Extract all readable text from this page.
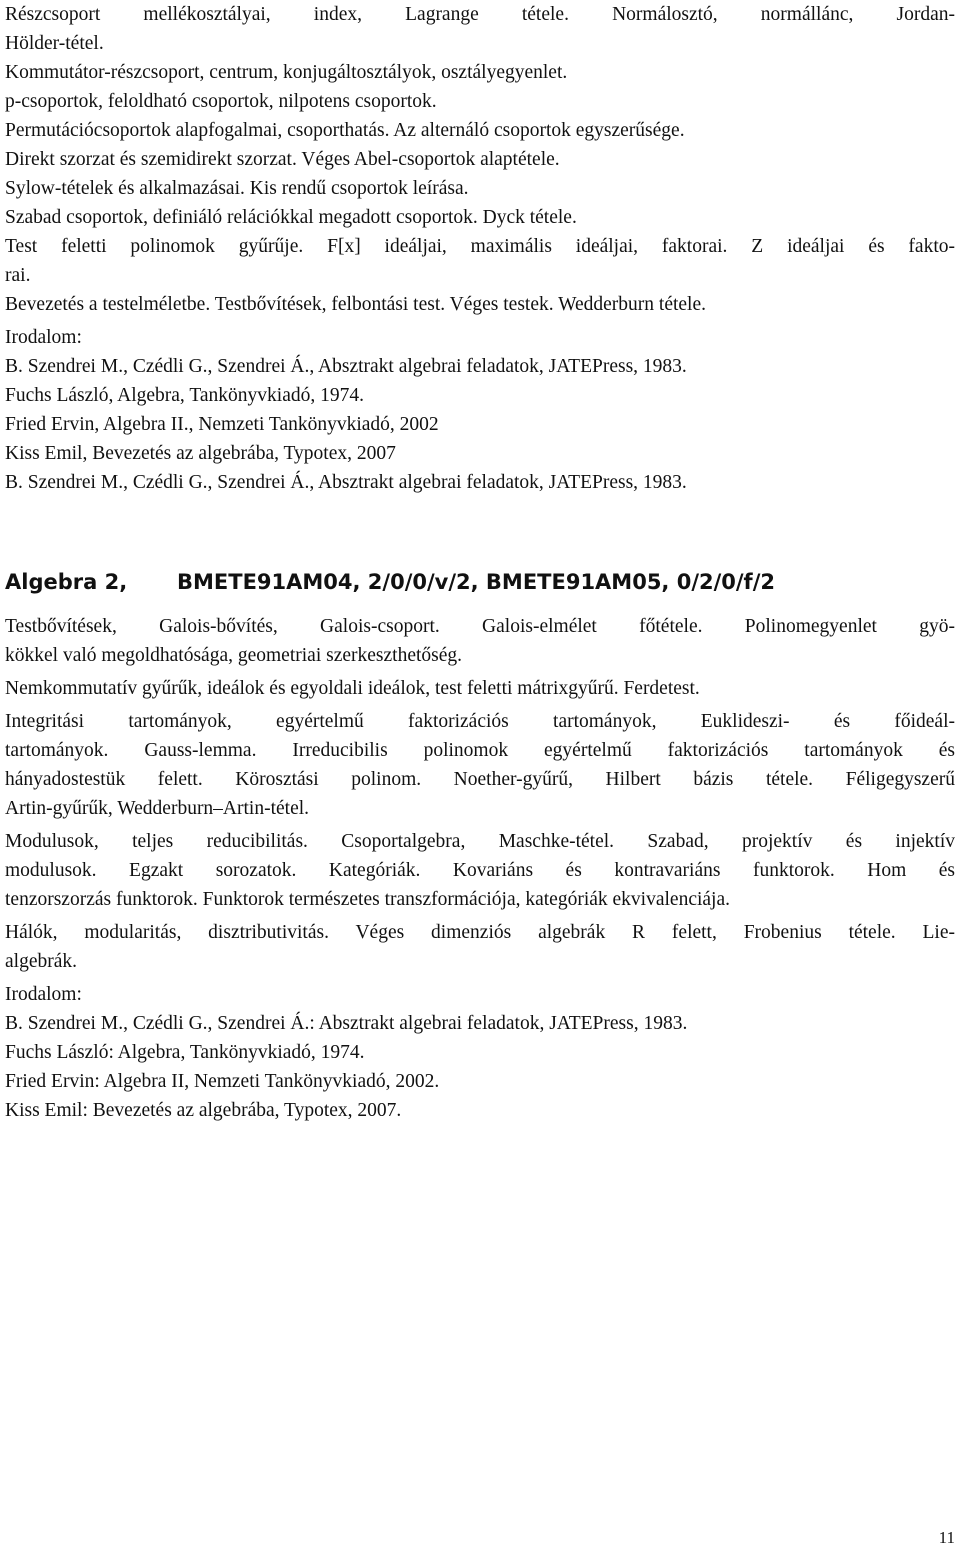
Részcsoport mellékosztályai, index, Lagrange tétele. Normálosztó, normállánc, Jordan-
Hölder-tétel.
Kommutátor-részcsoport, centrum, konjugáltosztályok, osztályegyenlet.
p-csoportok, feloldható csoportok, nilpotens csoportok.
Permutációcsoportok alapfogalmai, csoporthatás. Az alternáló csoportok egyszerűsége.
Direkt szorzat és szemidirekt szorzat. Véges Abel-csoportok alaptétele.
Sylow-tételek és alkalmazásai. Kis rendű csoportok leírása.
Szabad csoportok, definiáló relációkkal megadott csoportok. Dyck tétele.
Test feletti polinomok gyűrűje. F[x] ideáljai, maximális ideáljai, faktorai. Z ideáljai és fakto-
rai.
Bevezetés a testelméletbe. Testbővítések, felbontási test. Véges testek. Wedderburn tétele.
Irodalom:
B. Szendrei M., Czédli G., Szendrei Á., Absztrakt algebrai feladatok, JATEPress, 1983.
Fuchs László, Algebra, Tankönyvkiadó, 1974.
Fried Ervin, Algebra II., Nemzeti Tankönyvkiadó, 2002
Kiss Emil, Bevezetés az algebrába, Typotex, 2007
B. Szendrei M., Czédli G., Szendrei Á., Absztrakt algebrai feladatok, JATEPress, 1983.
Algebra 2, BMETE91AM04, 2/0/0/v/2, BMETE91AM05, 0/2/0/f/2
Testbővítések, Galois-bővítés, Galois-csoport. Galois-elmélet főtétele. Polinomegyenlet gyö-
kökkel való megoldhatósága, geometriai szerkeszthetőség.
Nemkommutatív gyűrűk, ideálok és egyoldali ideálok, test feletti mátrixgyűrű. Ferdetest.
Integritási tartományok, egyértelmű faktorizációs tartományok, Euklideszi- és főideál-
tartományok. Gauss-lemma. Irreducibilis polinomok egyértelmű faktorizációs tartományok és
hányadostestük felett. Körosztási polinom. Noether-gyűrű, Hilbert bázis tétele. Féligegyszerű
Artin-gyűrűk, Wedderburn–Artin-tétel.
Modulusok, teljes reducibilitás. Csoportalgebra, Maschke-tétel. Szabad, projektív és injektív
modulusok. Egzakt sorozatok. Kategóriák. Kovariáns és kontravariáns funktorok. Hom és
tenzorszorzás funktorok. Funktorok természetes transzformációja, kategóriák ekvivalenciája.
Hálók, modularitás, disztributivitás. Véges dimenziós algebrák R felett, Frobenius tétele. Lie-
algebrák.
Irodalom:
B. Szendrei M., Czédli G., Szendrei Á.: Absztrakt algebrai feladatok, JATEPress, 1983.
Fuchs László: Algebra, Tankönyvkiadó, 1974.
Fried Ervin: Algebra II, Nemzeti Tankönyvkiadó, 2002.
Kiss Emil: Bevezetés az algebrába, Typotex, 2007.
11
